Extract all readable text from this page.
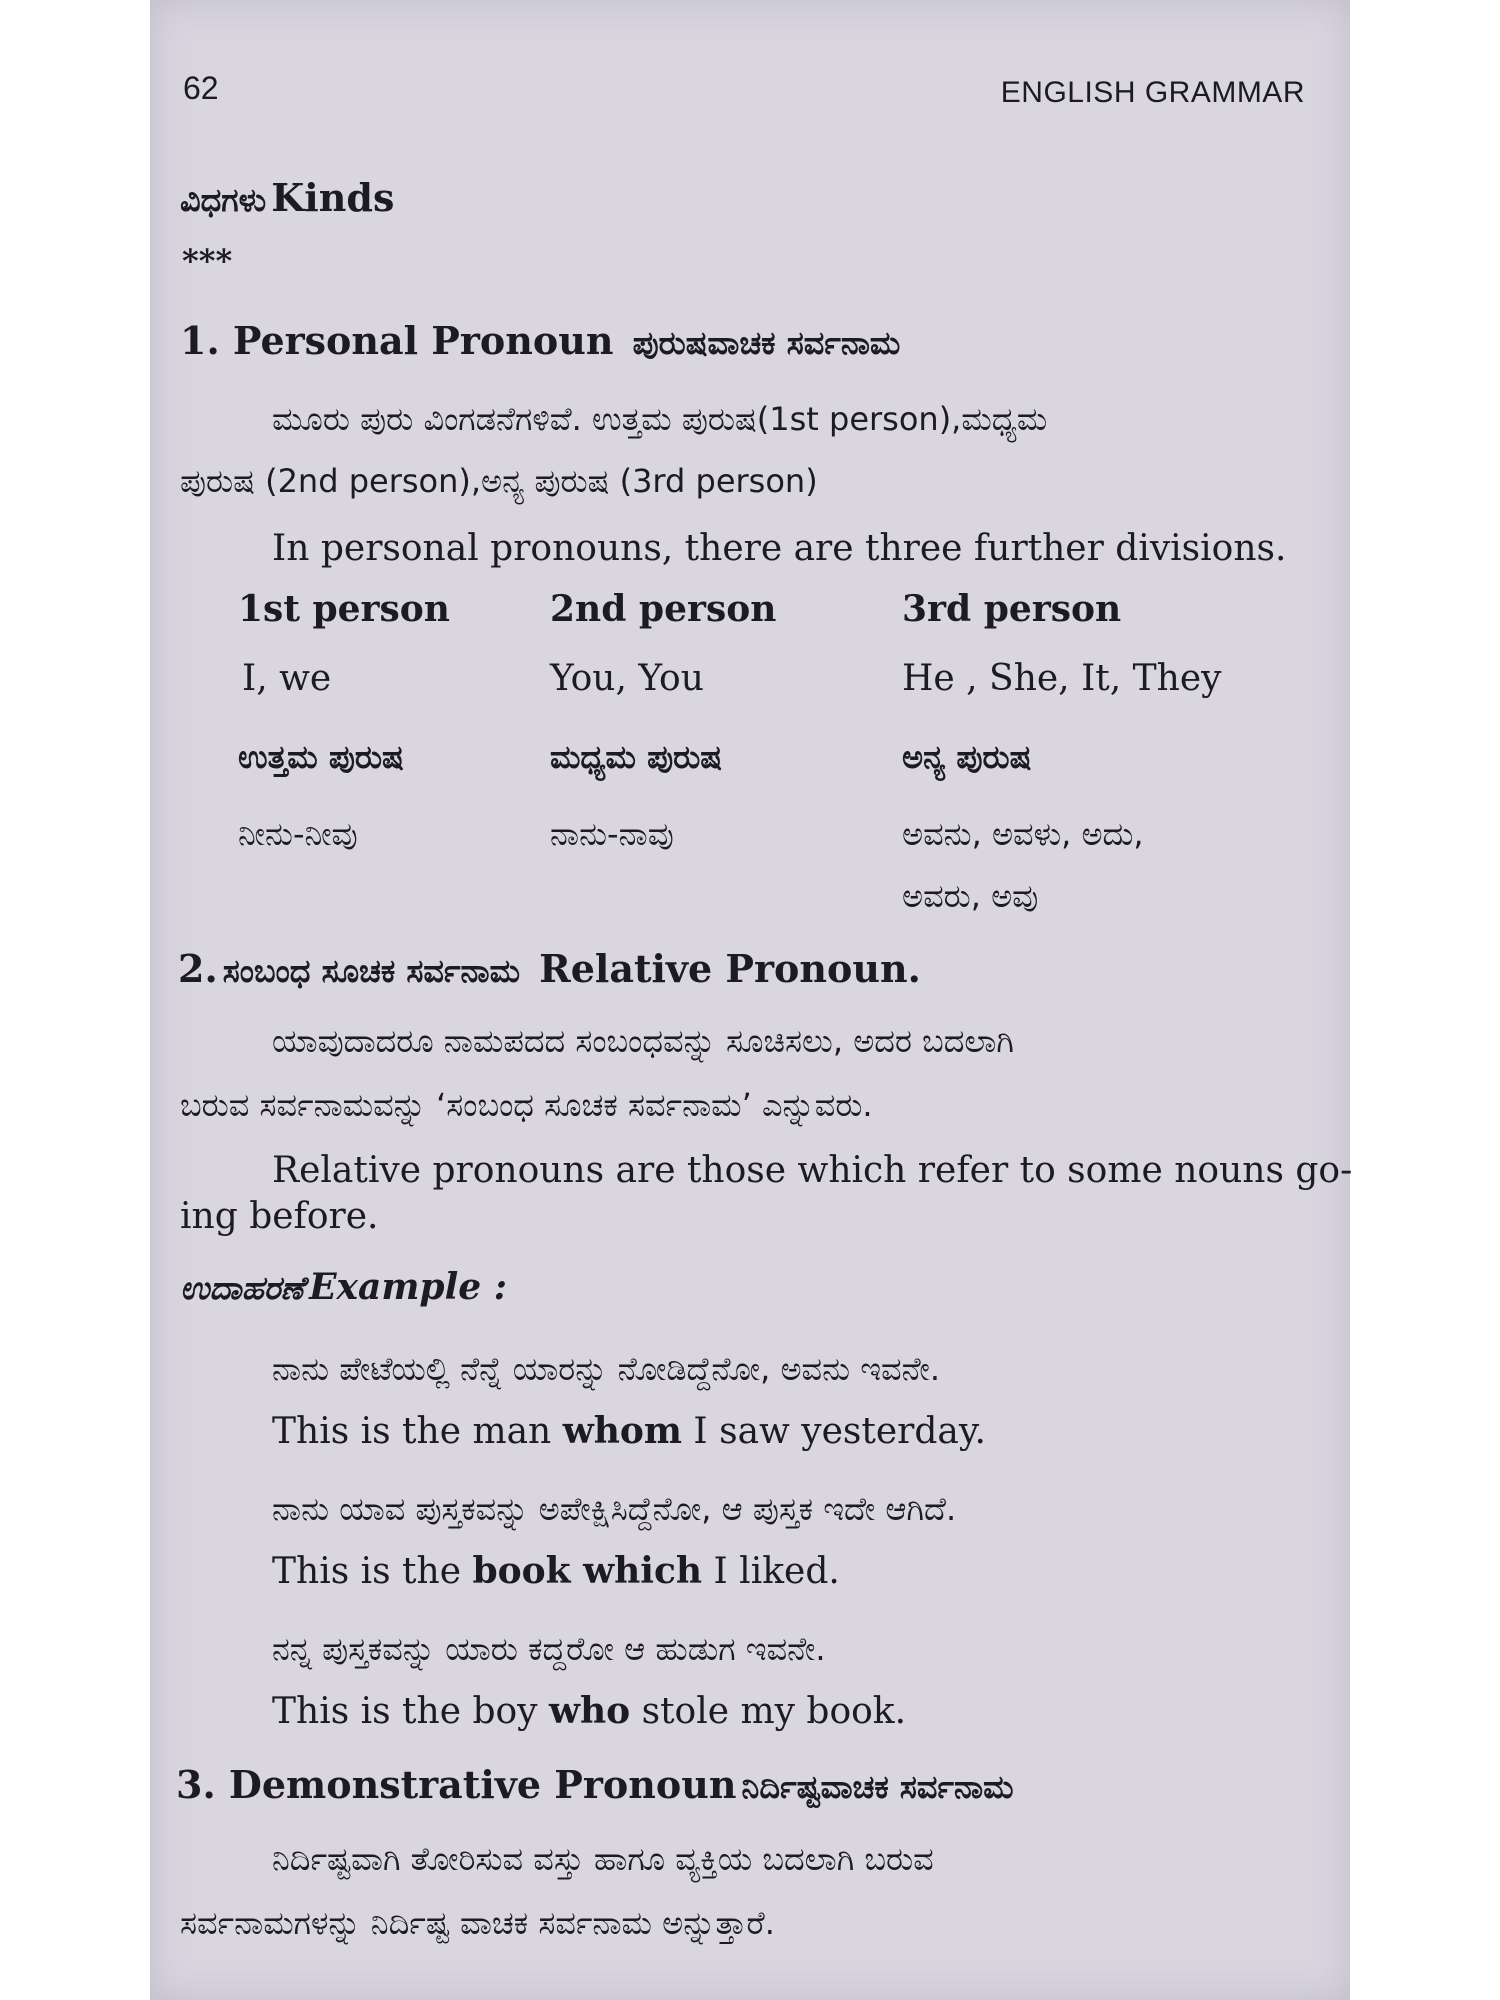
62	ENGLISH GRAMMAR
ವಿಧಗಳು Kinds
***
1. Personal Pronoun ಪುರುಷವಾಚಕ ಸರ್ವನಾಮ
ಮೂರು ಪುರು ವಿಂಗಡನೆಗಳಿವೆ. ಉತ್ತಮ ಪುರುಷ(1st person),ಮಧ್ಯಮ
ಪುರುಷ (2nd person),ಅನ್ಯ ಪುರುಷ (3rd person)
In personal pronouns, there are three further divisions.
1st person	2nd person	3rd person
I, we	You, You	He , She, It, They
ಉತ್ತಮ ಪುರುಷ	ಮಧ್ಯಮ ಪುರುಷ	ಅನ್ಯ ಪುರುಷ
ನೀನು-ನೀವು	ನಾನು-ನಾವು	ಅವನು, ಅವಳು, ಅದು,
ಅವರು, ಅವು
2. ಸಂಬಂಧ ಸೂಚಕ ಸರ್ವನಾಮ Relative Pronoun.
ಯಾವುದಾದರೂ ನಾಮಪದದ ಸಂಬಂಧವನ್ನು ಸೂಚಿಸಲು, ಅದರ ಬದಲಾಗಿ
ಬರುವ ಸರ್ವನಾಮವನ್ನು ‘ಸಂಬಂಧ ಸೂಚಕ ಸರ್ವನಾಮ’ ಎನ್ನುವರು.
Relative pronouns are those which refer to some nouns go-
ing before.
ಉದಾಹರಣೆ Example :
ನಾನು ಪೇಟೆಯಲ್ಲಿ ನೆನ್ನೆ ಯಾರನ್ನು ನೋಡಿದ್ದೆನೋ, ಅವನು ಇವನೇ.
This is the man whom I saw yesterday.
ನಾನು ಯಾವ ಪುಸ್ತಕವನ್ನು ಅಪೇಕ್ಷಿಸಿದ್ದೆನೋ, ಆ ಪುಸ್ತಕ ಇದೇ ಆಗಿದೆ.
This is the book which I liked.
ನನ್ನ ಪುಸ್ತಕವನ್ನು ಯಾರು ಕದ್ದರೋ ಆ ಹುಡುಗ ಇವನೇ.
This is the boy who stole my book.
3. Demonstrative Pronoun ನಿರ್ದಿಷ್ಟವಾಚಕ ಸರ್ವನಾಮ
ನಿರ್ದಿಷ್ಟವಾಗಿ ತೋರಿಸುವ ವಸ್ತು ಹಾಗೂ ವ್ಯಕ್ತಿಯ ಬದಲಾಗಿ ಬರುವ
ಸರ್ವನಾಮಗಳನ್ನು ನಿರ್ದಿಷ್ಟ ವಾಚಕ ಸರ್ವನಾಮ ಅನ್ನುತ್ತಾರೆ.
